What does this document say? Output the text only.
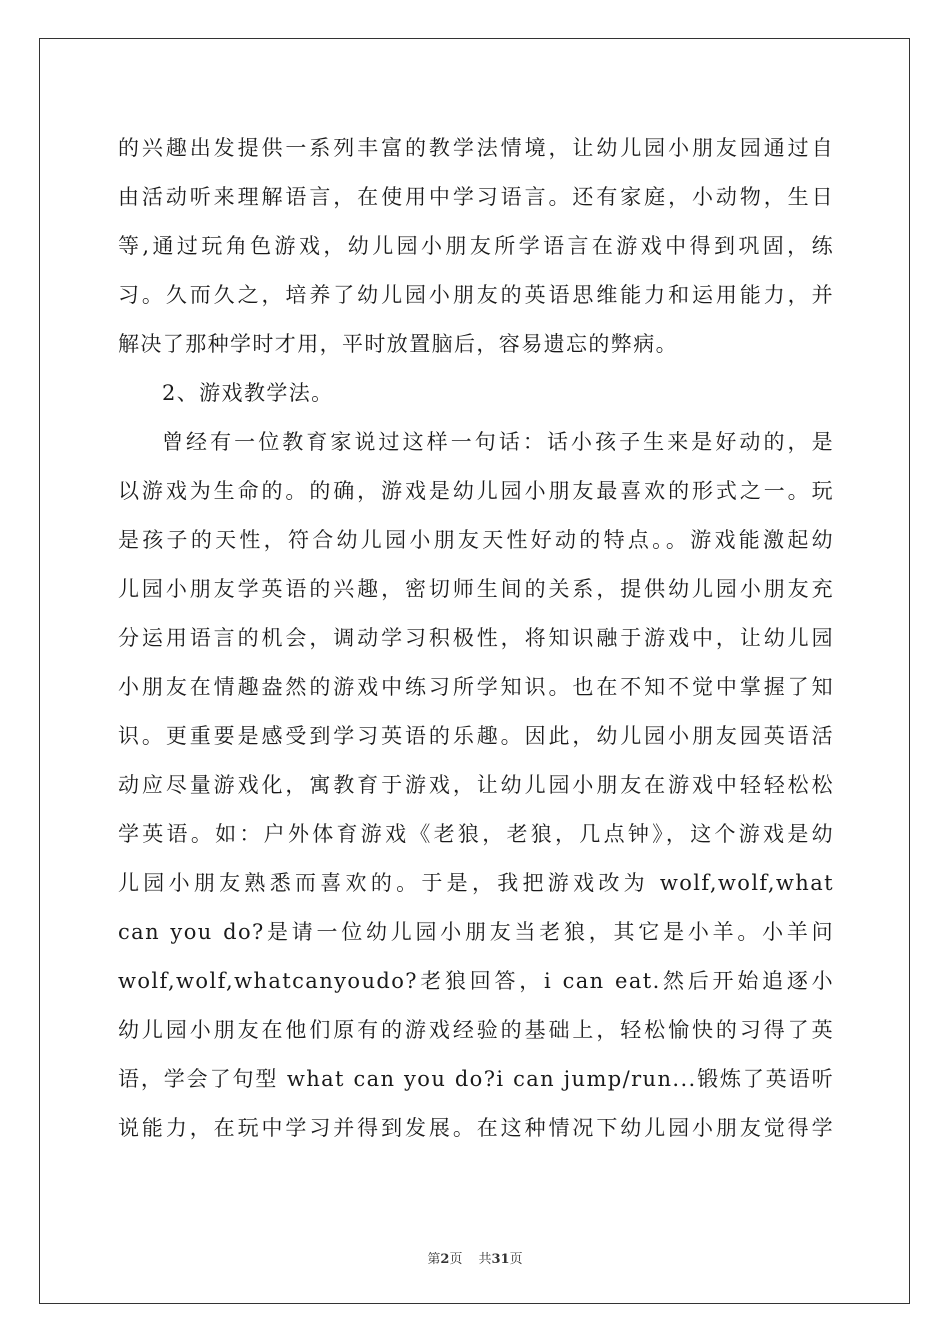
的兴趣出发提供一系列丰富的教学法情境，让幼儿园小朋友园通过自
由活动听来理解语言，在使用中学习语言。还有家庭，小动物，生日
等,通过玩角色游戏，幼儿园小朋友所学语言在游戏中得到巩固，练
习。久而久之，培养了幼儿园小朋友的英语思维能力和运用能力，并
解决了那种学时才用，平时放置脑后，容易遗忘的弊病。
2、游戏教学法。
曾经有一位教育家说过这样一句话：话小孩子生来是好动的，是
以游戏为生命的。的确，游戏是幼儿园小朋友最喜欢的形式之一。玩
是孩子的天性，符合幼儿园小朋友天性好动的特点。。游戏能激起幼
儿园小朋友学英语的兴趣，密切师生间的关系，提供幼儿园小朋友充
分运用语言的机会，调动学习积极性，将知识融于游戏中，让幼儿园
小朋友在情趣盎然的游戏中练习所学知识。也在不知不觉中掌握了知
识。更重要是感受到学习英语的乐趣。因此，幼儿园小朋友园英语活
动应尽量游戏化，寓教育于游戏，让幼儿园小朋友在游戏中轻轻松松
学英语。如：户外体育游戏《老狼，老狼，几点钟》，这个游戏是幼
儿园小朋友熟悉而喜欢的。于是，我把游戏改为 wolf,wolf,what
can you do?是请一位幼儿园小朋友当老狼，其它是小羊。小羊问
wolf,wolf,whatcanyoudo?老狼回答，i can eat.然后开始追逐小
幼儿园小朋友在他们原有的游戏经验的基础上，轻松愉快的习得了英
语，学会了句型 what can you do?i can jump/run...锻炼了英语听
说能力，在玩中学习并得到发展。在这种情况下幼儿园小朋友觉得学
第2页 共31页
